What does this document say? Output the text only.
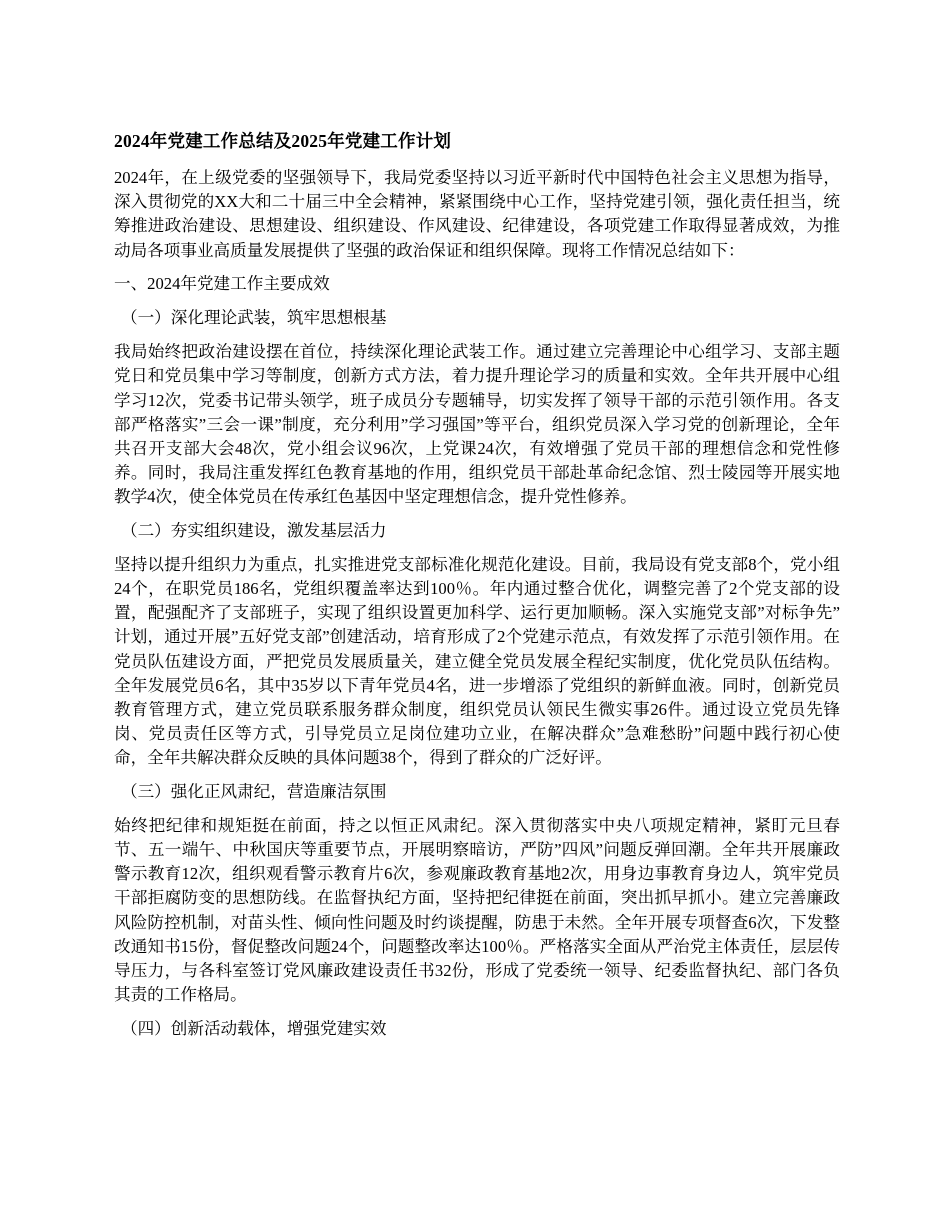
2024年党建工作总结及2025年党建工作计划

2024年，在上级党委的坚强领导下，我局党委坚持以习近平新时代中国特色社会主义思想为指导，深入贯彻党的XX大和二十届三中全会精神，紧紧围绕中心工作，坚持党建引领，强化责任担当，统筹推进政治建设、思想建设、组织建设、作风建设、纪律建设，各项党建工作取得显著成效，为推动局各项事业高质量发展提供了坚强的政治保证和组织保障。现将工作情况总结如下：

一、2024年党建工作主要成效

（一）深化理论武装，筑牢思想根基

我局始终把政治建设摆在首位，持续深化理论武装工作。通过建立完善理论中心组学习、支部主题党日和党员集中学习等制度，创新方式方法，着力提升理论学习的质量和实效。全年共开展中心组学习12次，党委书记带头领学，班子成员分专题辅导，切实发挥了领导干部的示范引领作用。各支部严格落实”三会一课”制度，充分利用”学习强国”等平台，组织党员深入学习党的创新理论，全年共召开支部大会48次，党小组会议96次，上党课24次，有效增强了党员干部的理想信念和党性修养。同时，我局注重发挥红色教育基地的作用，组织党员干部赴革命纪念馆、烈士陵园等开展实地教学4次，使全体党员在传承红色基因中坚定理想信念，提升党性修养。

（二）夯实组织建设，激发基层活力

坚持以提升组织力为重点，扎实推进党支部标准化规范化建设。目前，我局设有党支部8个，党小组24个，在职党员186名，党组织覆盖率达到100％。年内通过整合优化，调整完善了2个党支部的设置，配强配齐了支部班子，实现了组织设置更加科学、运行更加顺畅。深入实施党支部”对标争先”计划，通过开展”五好党支部”创建活动，培育形成了2个党建示范点，有效发挥了示范引领作用。在党员队伍建设方面，严把党员发展质量关，建立健全党员发展全程纪实制度，优化党员队伍结构。全年发展党员6名，其中35岁以下青年党员4名，进一步增添了党组织的新鲜血液。同时，创新党员教育管理方式，建立党员联系服务群众制度，组织党员认领民生微实事26件。通过设立党员先锋岗、党员责任区等方式，引导党员立足岗位建功立业，在解决群众”急难愁盼”问题中践行初心使命，全年共解决群众反映的具体问题38个，得到了群众的广泛好评。

（三）强化正风肃纪，营造廉洁氛围

始终把纪律和规矩挺在前面，持之以恒正风肃纪。深入贯彻落实中央八项规定精神，紧盯元旦春节、五一端午、中秋国庆等重要节点，开展明察暗访，严防”四风”问题反弹回潮。全年共开展廉政警示教育12次，组织观看警示教育片6次，参观廉政教育基地2次，用身边事教育身边人，筑牢党员干部拒腐防变的思想防线。在监督执纪方面，坚持把纪律挺在前面，突出抓早抓小。建立完善廉政风险防控机制，对苗头性、倾向性问题及时约谈提醒，防患于未然。全年开展专项督查6次，下发整改通知书15份，督促整改问题24个，问题整改率达100％。严格落实全面从严治党主体责任，层层传导压力，与各科室签订党风廉政建设责任书32份，形成了党委统一领导、纪委监督执纪、部门各负其责的工作格局。

（四）创新活动载体，增强党建实效
